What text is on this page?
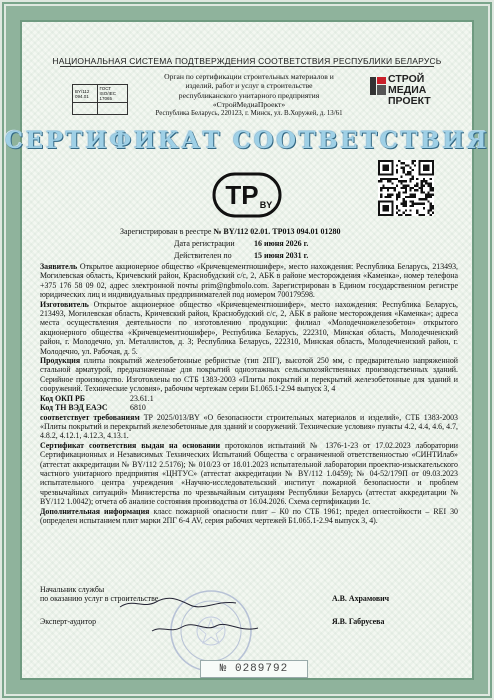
НАЦИОНАЛЬНАЯ СИСТЕМА ПОДТВЕРЖДЕНИЯ СООТВЕТСТВИЯ РЕСПУБЛИКИ БЕЛАРУСЬ
BY/112 094.01	ГОСТ ISO/IEC 17065

Орган по сертификации строительных материалов и
изделий, работ и услуг в строительстве
республиканского унитарного предприятия
«СтройМедиаПроект»
Республика Беларусь, 220123, г. Минск, ул. В.Хоружей, д. 13/61
СТРОЙ
МЕДИА
ПРОЕКТ
СЕРТИФИКАТ СООТВЕТСТВИЯ
TP BY
Зарегистрирован в реестре № BY/112 02.01. ТР013 094.01 01280
Дата регистрации 16 июня 2026 г.
Действителен по	15 июня 2031 г.

Заявитель Открытое акционерное общество «Кричевцементношифер», место нахождения: Республика Беларусь, 213493, Могилевская область, Кричевский район, Краснобудский с/с, 2, АБК в районе месторождения «Каменка», номер телефона +375 176 58 09 02, адрес электронной почты prim@ngbmolo.com. Зарегистрирован в Едином государственном регистре юридических лиц и индивидуальных предпринимателей под номером 700179598.

Изготовитель Открытое акционерное общество «Кричевцементношифер», место нахождения: Республика Беларусь, 213493, Могилевская область, Кричевский район, Краснобудский с/с, 2, АБК в районе месторождения «Каменка»; адреса места осуществления деятельности по изготовлению продукции: филиал «Молодечножелезобетон» открытого акционерного общества «Кричевцементношифер», Республика Беларусь, 222310, Минская область, Молодечненский район, г. Молодечно, ул. Металлистов, д. 3; Республика Беларусь, 222310, Минская область, Молодечненский район, г. Молодечно, ул. Рабочая, д. 5.

Продукция плиты покрытий железобетонные ребристые (тип 2ПГ), высотой 250 мм, с предварительно напряженной стальной арматурой, предназначенные для покрытий одноэтажных сельскохозяйственных производственных зданий. Серийное производство. Изготовлены по СТБ 1383-2003 «Плиты покрытий и перекрытий железобетонные для зданий и сооружений. Технические условия», рабочим чертежам серии Б1.065.1-2.94 выпуск 3, 4

Код ОКП РБ	23.61.1

Код ТН ВЭД ЕАЭС	6810

соответствует требованиям ТР 2025/013/BY «О безопасности строительных материалов и изделий», СТБ 1383-2003 «Плиты покрытий и перекрытий железобетонные для зданий и сооружений. Технические условия» пункты 4.2, 4.4, 4.6, 4.7, 4.8.2, 4.12.1, 4.12.3, 4.13.1.

Сертификат соответствия выдан на основании протоколов испытаний № 1376-1-23 от 17.02.2023 лаборатории Сертификационных и Независимых Технических Испытаний Общества с ограниченной ответственностью «СИНТИлаб» (аттестат аккредитации № BY/112 2.5176); № 010/23 от 18.01.2023 испытательной лаборатории проектно-изыскательского частного унитарного предприятия «ЦНТУС» (аттестат аккредитации № BY/112 1.0459); № 04-52/179П от 09.03.2023 испытательного центра учреждения «Научно-исследовательский институт пожарной безопасности и проблем чрезвычайных ситуаций» Министерства по чрезвычайным ситуациям Республики Беларусь (аттестат аккредитации № BY/112 1.0042); отчета об анализе состояния производства от 16.04.2026. Схема сертификации 1с.

Дополнительная информация класс пожарной опасности плит – К0 по СТБ 1961; предел огнестойкости – REI 30 (определен испытанием плит марки 2ПГ 6-4 AV, серия рабочих чертежей Б1.065.1-2.94 выпуск 3, 4).

Начальник службы
по оказанию услуг в строительстве	А.В. Ахрамович
Эксперт-аудитор	Я.В. Габрусева
№ 0289792
